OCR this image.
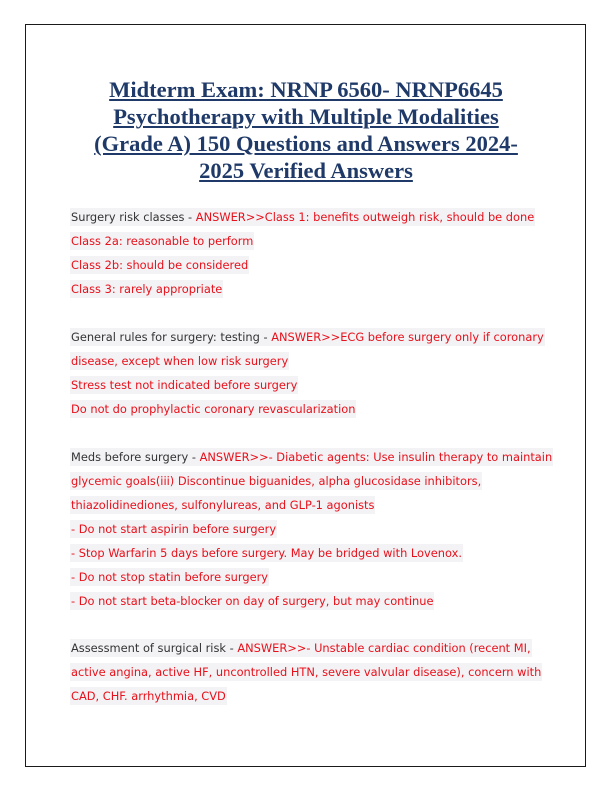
Midterm Exam: NRNP 6560- NRNP6645
Psychotherapy with Multiple Modalities
(Grade A) 150 Questions and Answers 2024-
2025 Verified Answers
Surgery risk classes - ANSWER>>Class 1: benefits outweigh risk, should be done
Class 2a: reasonable to perform
Class 2b: should be considered
Class 3: rarely appropriate
General rules for surgery: testing - ANSWER>>ECG before surgery only if coronary
disease, except when low risk surgery
Stress test not indicated before surgery
Do not do prophylactic coronary revascularization
Meds before surgery - ANSWER>>- Diabetic agents: Use insulin therapy to maintain
glycemic goals(iii) Discontinue biguanides, alpha glucosidase inhibitors,
thiazolidinediones, sulfonylureas, and GLP-1 agonists
- Do not start aspirin before surgery
- Stop Warfarin 5 days before surgery. May be bridged with Lovenox.
- Do not stop statin before surgery
- Do not start beta-blocker on day of surgery, but may continue
Assessment of surgical risk - ANSWER>>- Unstable cardiac condition (recent MI,
active angina, active HF, uncontrolled HTN, severe valvular disease), concern with
CAD, CHF. arrhythmia, CVD
